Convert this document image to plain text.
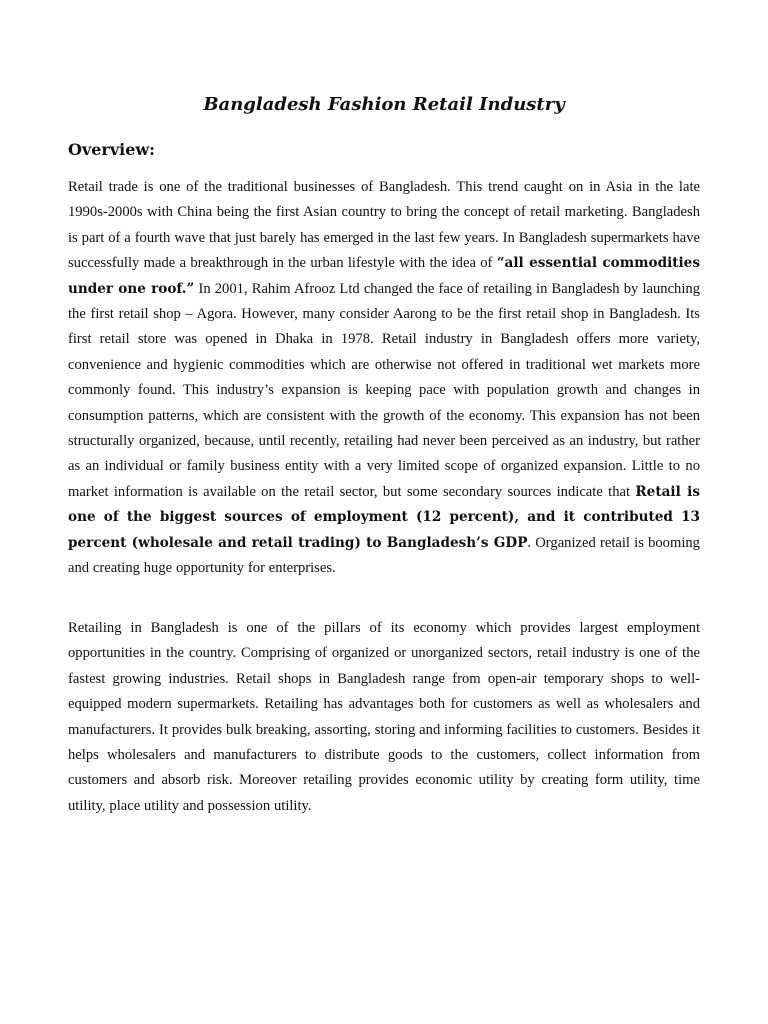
Bangladesh Fashion Retail Industry
Overview:

Retail trade is one of the traditional businesses of Bangladesh. This trend caught on in Asia in the late 1990s-2000s with China being the first Asian country to bring the concept of retail marketing. Bangladesh is part of a fourth wave that just barely has emerged in the last few years. In Bangladesh supermarkets have successfully made a breakthrough in the urban lifestyle with the idea of “all essential commodities under one roof.” In 2001, Rahim Afrooz Ltd changed the face of retailing in Bangladesh by launching the first retail shop – Agora. However, many consider Aarong to be the first retail shop in Bangladesh. Its first retail store was opened in Dhaka in 1978. Retail industry in Bangladesh offers more variety, convenience and hygienic commodities which are otherwise not offered in traditional wet markets more commonly found. This industry’s expansion is keeping pace with population growth and changes in consumption patterns, which are consistent with the growth of the economy. This expansion has not been structurally organized, because, until recently, retailing had never been perceived as an industry, but rather as an individual or family business entity with a very limited scope of organized expansion. Little to no market information is available on the retail sector, but some secondary sources indicate that Retail is one of the biggest sources of employment (12 percent), and it contributed 13 percent (wholesale and retail trading) to Bangladesh’s GDP. Organized retail is booming and creating huge opportunity for enterprises.

Retailing in Bangladesh is one of the pillars of its economy which provides largest employment opportunities in the country. Comprising of organized or unorganized sectors, retail industry is one of the fastest growing industries. Retail shops in Bangladesh range from open-air temporary shops to well-equipped modern supermarkets. Retailing has advantages both for customers as well as wholesalers and manufacturers. It provides bulk breaking, assorting, storing and informing facilities to customers. Besides it helps wholesalers and manufacturers to distribute goods to the customers, collect information from customers and absorb risk. Moreover retailing provides economic utility by creating form utility, time utility, place utility and possession utility.
